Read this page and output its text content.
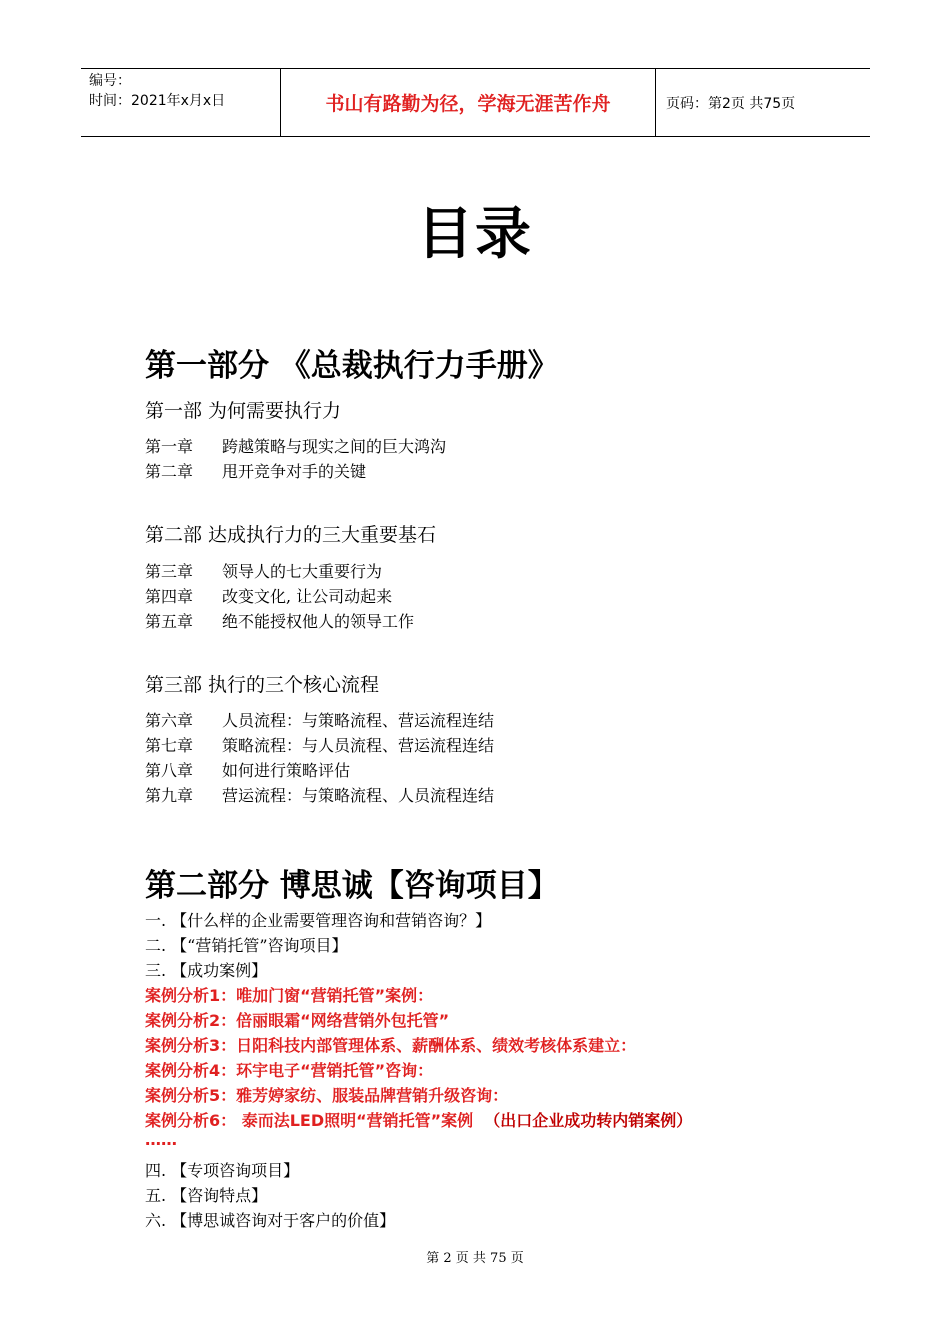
编号：
时间：2021年x月x日	书山有路勤为径，学海无涯苦作舟	页码：第2页 共75页
目录
第一部分 《总裁执行力手册》
第一部 为何需要执行力
第一章 跨越策略与现实之间的巨大鸿沟
第二章 甩开竞争对手的关键
第二部 达成执行力的三大重要基石
第三章 领导人的七大重要行为
第四章 改变文化, 让公司动起来
第五章 绝不能授权他人的领导工作
第三部 执行的三个核心流程
第六章 人员流程：与策略流程、营运流程连结
第七章 策略流程：与人员流程、营运流程连结
第八章 如何进行策略评估
第九章 营运流程：与策略流程、人员流程连结
第二部分 博思诚【咨询项目】
一. 【什么样的企业需要管理咨询和营销咨询？】
二. 【“营销托管”咨询项目】
三. 【成功案例】
案例分析1：唯加门窗“营销托管”案例：
案例分析2：倍丽眼霜“网络营销外包托管”
案例分析3：日阳科技内部管理体系、薪酬体系、绩效考核体系建立：
案例分析4：环宇电子“营销托管”咨询：
案例分析5：雅芳婷家纺、服装品牌营销升级咨询：
案例分析6： 泰而法LED照明“营销托管”案例 （出口企业成功转内销案例）
……
四. 【专项咨询项目】
五. 【咨询特点】
六. 【博思诚咨询对于客户的价值】
第 2 页 共 75 页
